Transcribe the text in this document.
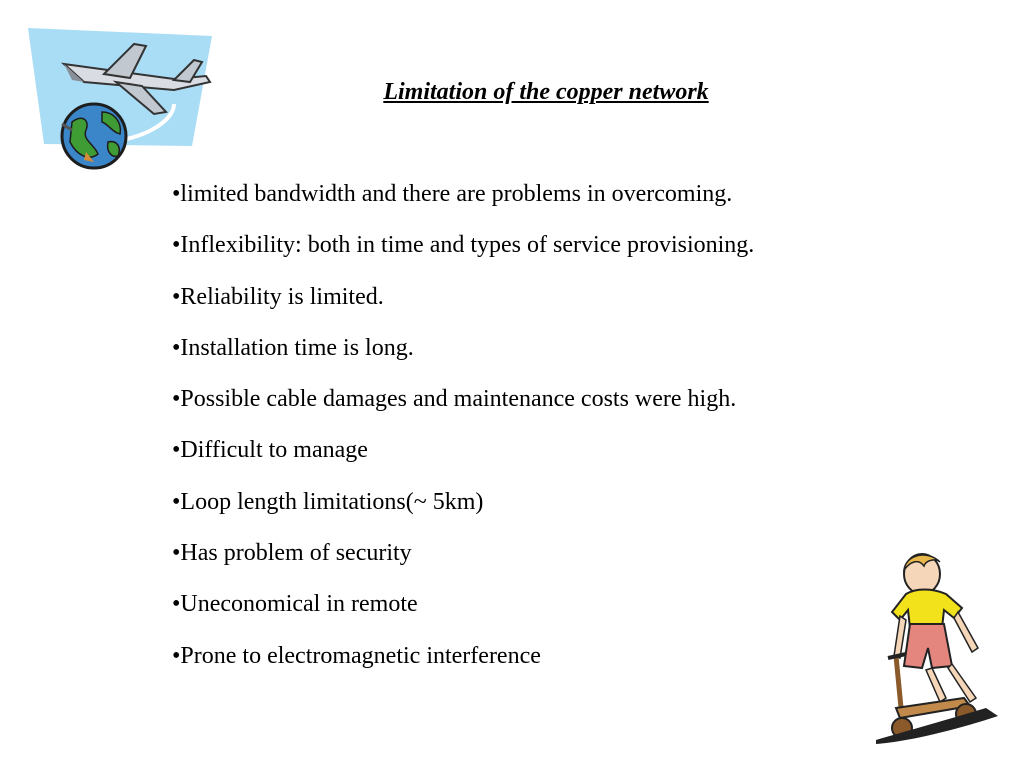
Limitation of the copper network
•limited bandwidth and there are problems in overcoming.
•Inflexibility: both in time and types of service provisioning.
•Reliability is limited.
•Installation time is long.
•Possible cable damages and maintenance costs were high.
•Difficult to manage
•Loop length limitations(~ 5km)
•Has problem of security
•Uneconomical in remote
•Prone to electromagnetic interference
